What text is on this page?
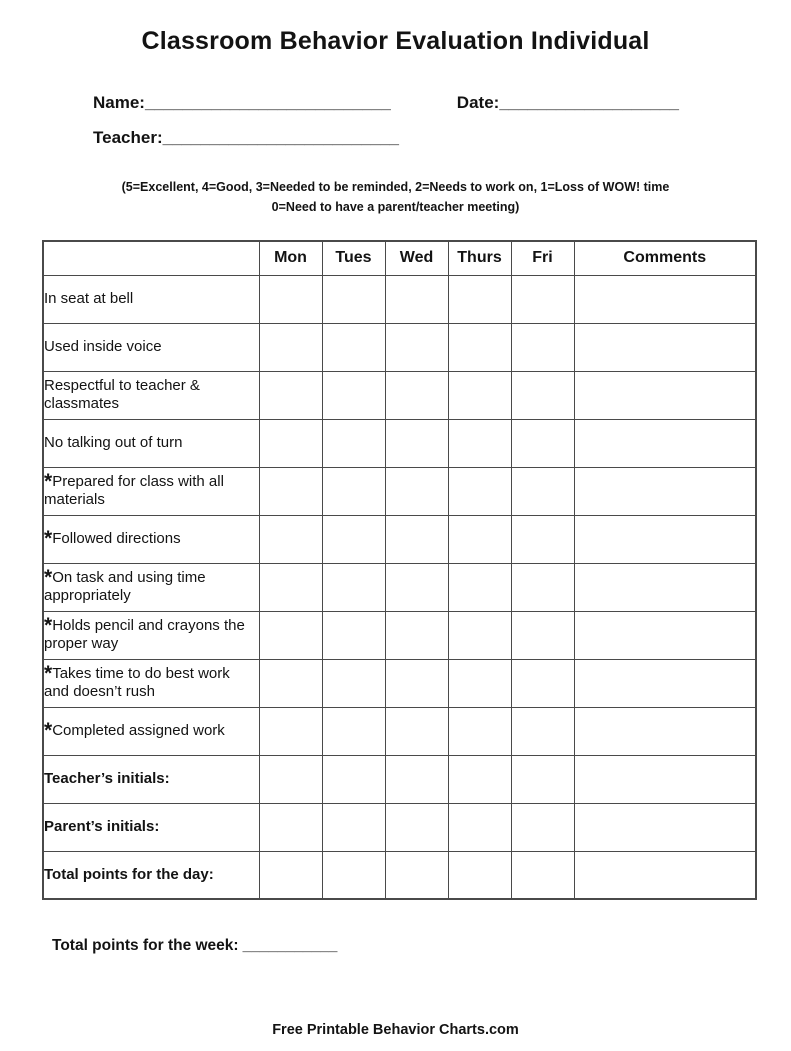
Classroom Behavior Evaluation Individual
Name:__________________________	Date:___________________
Teacher:_________________________
(5=Excellent, 4=Good, 3=Needed to be reminded, 2=Needs to work on, 1=Loss of WOW! time
0=Need to have a parent/teacher meeting)
	Mon	Tues	Wed	Thurs	Fri	Comments
In seat at bell						
Used inside voice						
Respectful to teacher & classmates						
No talking out of turn						
*Prepared for class with all materials						
*Followed directions						
*On task and using time appropriately						
*Holds pencil and crayons the proper way						
*Takes time to do best work and doesn’t rush						
*Completed assigned work						
Teacher’s initials:						
Parent’s initials:						
Total points for the day:						
Total points for the week: ___________
Free Printable Behavior Charts.com
